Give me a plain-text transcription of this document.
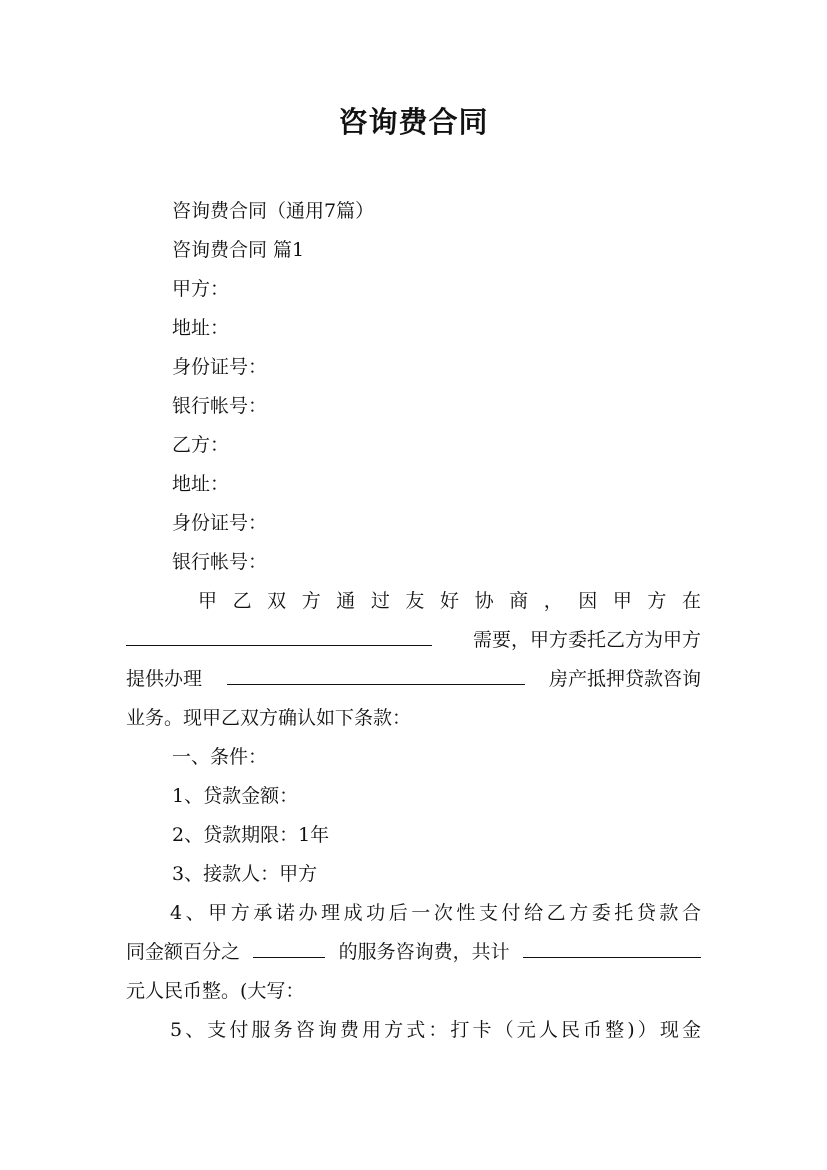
咨询费合同
咨询费合同（通用7篇）
咨询费合同 篇1
甲方：
地址：
身份证号：
银行帐号：
乙方：
地址：
身份证号：
银行帐号：
甲乙双方通过友好协商，因甲方在
需要，甲方委托乙方为甲方
提供办理	房产抵押贷款咨询
业务。现甲乙双方确认如下条款：
一、条件：
1、贷款金额：
2、贷款期限：1年
3、接款人：甲方
4、甲方承诺办理成功后一次性支付给乙方委托贷款合
同金额百分之	的服务咨询费，共计
元人民币整。(大写：
5、支付服务咨询费用方式：打卡（元人民币整)）现金
